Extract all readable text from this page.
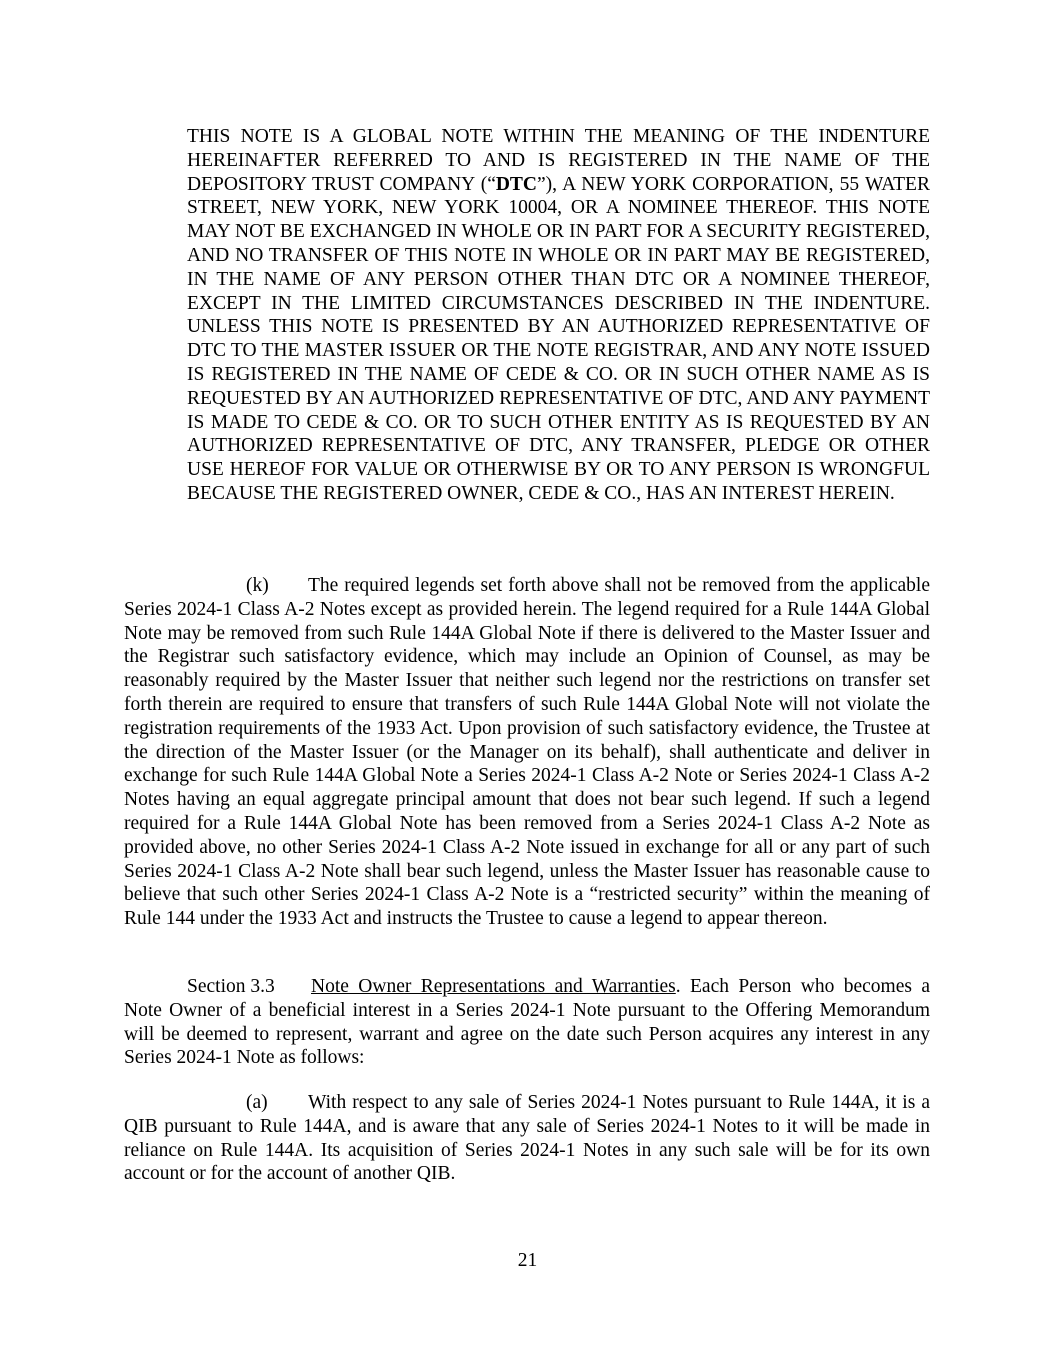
THIS NOTE IS A GLOBAL NOTE WITHIN THE MEANING OF THE INDENTURE HEREINAFTER REFERRED TO AND IS REGISTERED IN THE NAME OF THE DEPOSITORY TRUST COMPANY (“DTC”), A NEW YORK CORPORATION, 55 WATER STREET, NEW YORK, NEW YORK 10004, OR A NOMINEE THEREOF. THIS NOTE MAY NOT BE EXCHANGED IN WHOLE OR IN PART FOR A SECURITY REGISTERED, AND NO TRANSFER OF THIS NOTE IN WHOLE OR IN PART MAY BE REGISTERED, IN THE NAME OF ANY PERSON OTHER THAN DTC OR A NOMINEE THEREOF, EXCEPT IN THE LIMITED CIRCUMSTANCES DESCRIBED IN THE INDENTURE. UNLESS THIS NOTE IS PRESENTED BY AN AUTHORIZED REPRESENTATIVE OF DTC TO THE MASTER ISSUER OR THE NOTE REGISTRAR, AND ANY NOTE ISSUED IS REGISTERED IN THE NAME OF CEDE & CO. OR IN SUCH OTHER NAME AS IS REQUESTED BY AN AUTHORIZED REPRESENTATIVE OF DTC, AND ANY PAYMENT IS MADE TO CEDE & CO. OR TO SUCH OTHER ENTITY AS IS REQUESTED BY AN AUTHORIZED REPRESENTATIVE OF DTC, ANY TRANSFER, PLEDGE OR OTHER USE HEREOF FOR VALUE OR OTHERWISE BY OR TO ANY PERSON IS WRONGFUL BECAUSE THE REGISTERED OWNER, CEDE & CO., HAS AN INTEREST HEREIN.
(k) The required legends set forth above shall not be removed from the applicable Series 2024-1 Class A-2 Notes except as provided herein. The legend required for a Rule 144A Global Note may be removed from such Rule 144A Global Note if there is delivered to the Master Issuer and the Registrar such satisfactory evidence, which may include an Opinion of Counsel, as may be reasonably required by the Master Issuer that neither such legend nor the restrictions on transfer set forth therein are required to ensure that transfers of such Rule 144A Global Note will not violate the registration requirements of the 1933 Act. Upon provision of such satisfactory evidence, the Trustee at the direction of the Master Issuer (or the Manager on its behalf), shall authenticate and deliver in exchange for such Rule 144A Global Note a Series 2024-1 Class A-2 Note or Series 2024-1 Class A-2 Notes having an equal aggregate principal amount that does not bear such legend. If such a legend required for a Rule 144A Global Note has been removed from a Series 2024-1 Class A-2 Note as provided above, no other Series 2024-1 Class A-2 Note issued in exchange for all or any part of such Series 2024-1 Class A-2 Note shall bear such legend, unless the Master Issuer has reasonable cause to believe that such other Series 2024-1 Class A-2 Note is a “restricted security” within the meaning of Rule 144 under the 1933 Act and instructs the Trustee to cause a legend to appear thereon.
Section 3.3 Note Owner Representations and Warranties. Each Person who becomes a Note Owner of a beneficial interest in a Series 2024-1 Note pursuant to the Offering Memorandum will be deemed to represent, warrant and agree on the date such Person acquires any interest in any Series 2024-1 Note as follows:
(a) With respect to any sale of Series 2024-1 Notes pursuant to Rule 144A, it is a QIB pursuant to Rule 144A, and is aware that any sale of Series 2024-1 Notes to it will be made in reliance on Rule 144A. Its acquisition of Series 2024-1 Notes in any such sale will be for its own account or for the account of another QIB.
21
